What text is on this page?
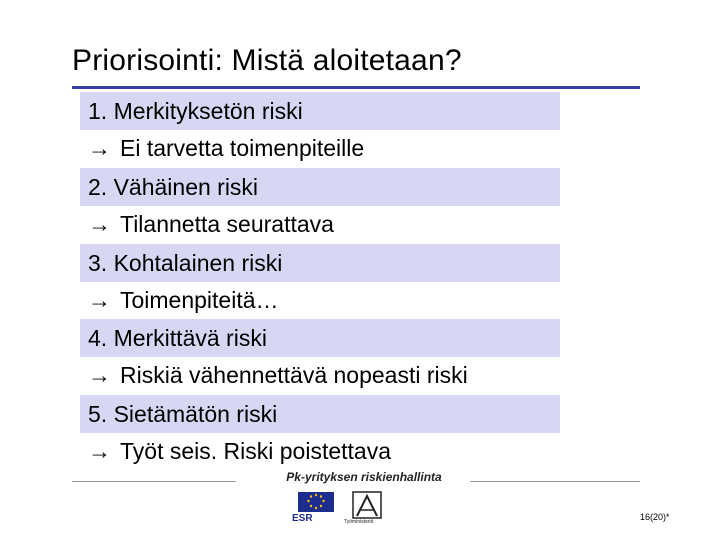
Priorisointi: Mistä aloitetaan?
1. Merkityksetön riski
→ Ei tarvetta toimenpiteille
2. Vähäinen riski
→ Tilannetta seurattava
3. Kohtalainen riski
→ Toimenpiteitä…
4. Merkittävä riski
→ Riskiä vähennettävä nopeasti riski
5. Sietämätön riski
→ Työt seis. Riski poistettava
Pk-yrityksen riskienhallinta
ESR	Työministeriö	16(20)*
